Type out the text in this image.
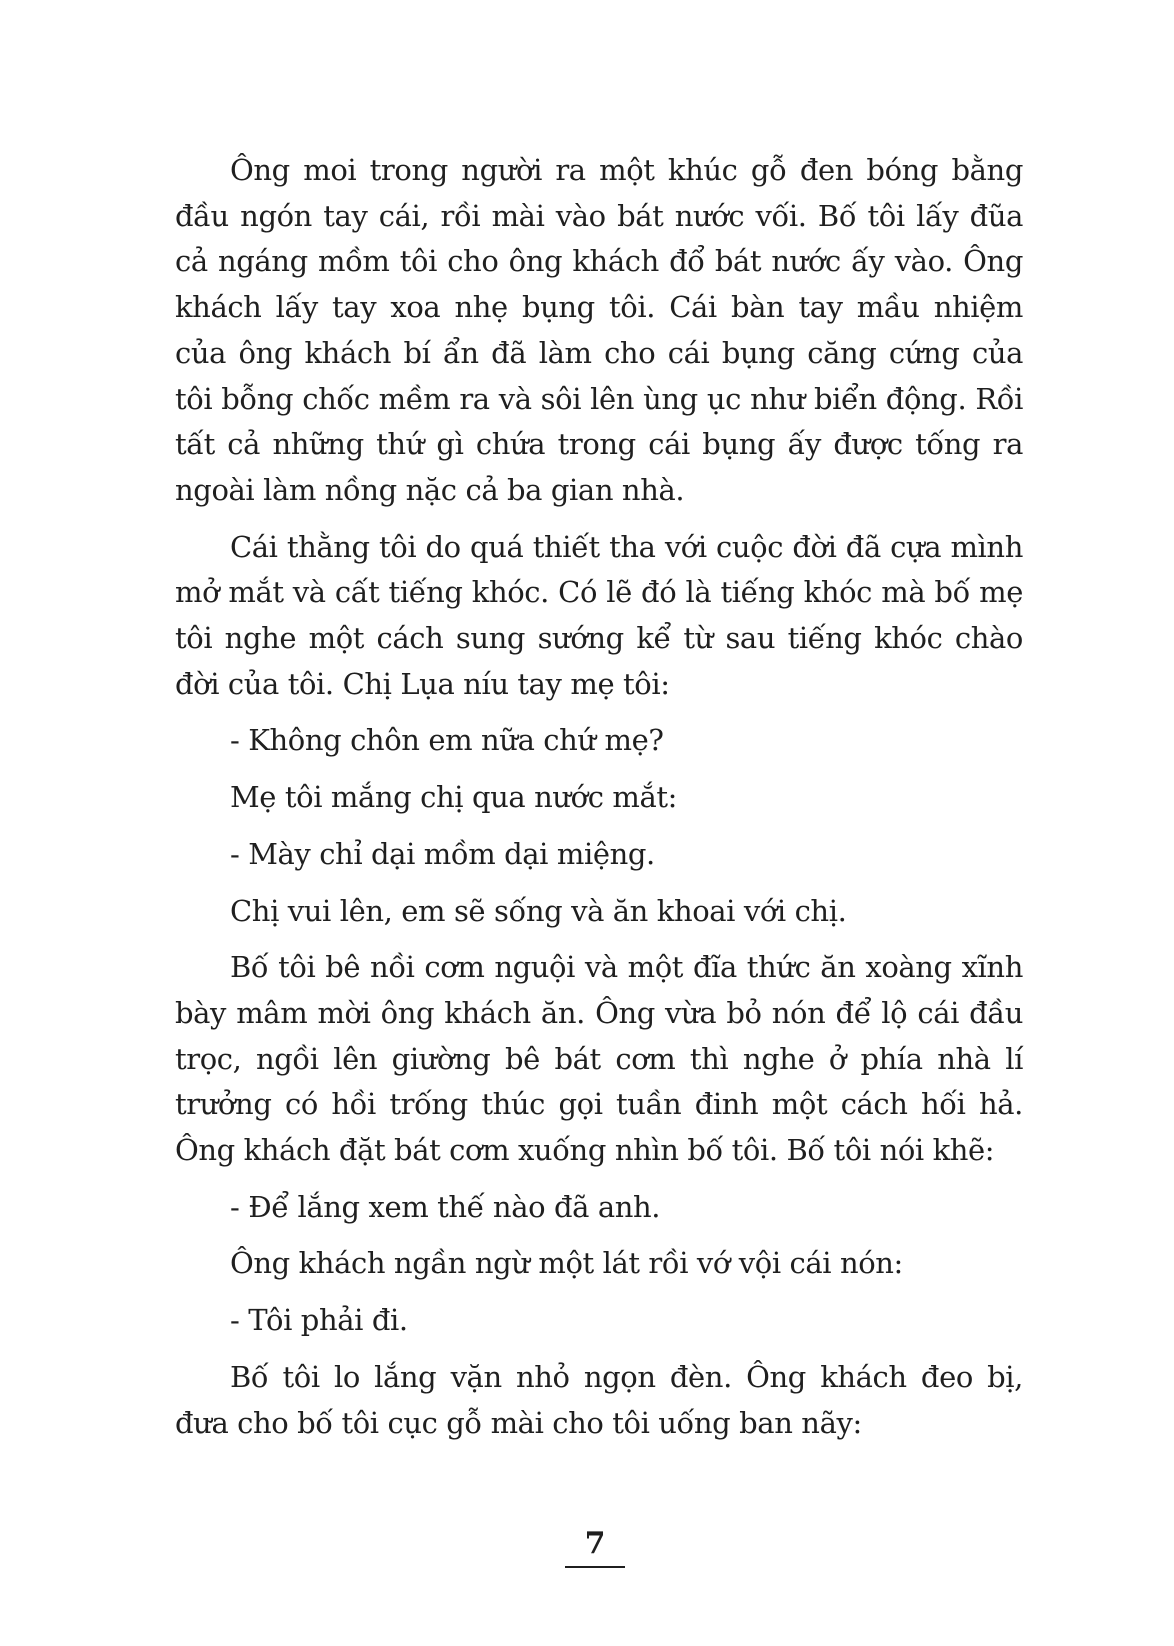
Ông moi trong người ra một khúc gỗ đen bóng bằng đầu ngón tay cái, rồi mài vào bát nước vối. Bố tôi lấy đũa cả ngáng mồm tôi cho ông khách đổ bát nước ấy vào. Ông khách lấy tay xoa nhẹ bụng tôi. Cái bàn tay mầu nhiệm của ông khách bí ẩn đã làm cho cái bụng căng cứng của tôi bỗng chốc mềm ra và sôi lên ùng ục như biển động. Rồi tất cả những thứ gì chứa trong cái bụng ấy được tống ra ngoài làm nồng nặc cả ba gian nhà.

Cái thằng tôi do quá thiết tha với cuộc đời đã cựa mình mở mắt và cất tiếng khóc. Có lẽ đó là tiếng khóc mà bố mẹ tôi nghe một cách sung sướng kể từ sau tiếng khóc chào đời của tôi. Chị Lụa níu tay mẹ tôi:

- Không chôn em nữa chứ mẹ?

Mẹ tôi mắng chị qua nước mắt:

- Mày chỉ dại mồm dại miệng.

Chị vui lên, em sẽ sống và ăn khoai với chị.

Bố tôi bê nồi cơm nguội và một đĩa thức ăn xoàng xĩnh bày mâm mời ông khách ăn. Ông vừa bỏ nón để lộ cái đầu trọc, ngồi lên giường bê bát cơm thì nghe ở phía nhà lí trưởng có hồi trống thúc gọi tuần đinh một cách hối hả. Ông khách đặt bát cơm xuống nhìn bố tôi. Bố tôi nói khẽ:

- Để lắng xem thế nào đã anh.

Ông khách ngần ngừ một lát rồi vớ vội cái nón:

- Tôi phải đi.

Bố tôi lo lắng vặn nhỏ ngọn đèn. Ông khách đeo bị, đưa cho bố tôi cục gỗ mài cho tôi uống ban nãy:

7
